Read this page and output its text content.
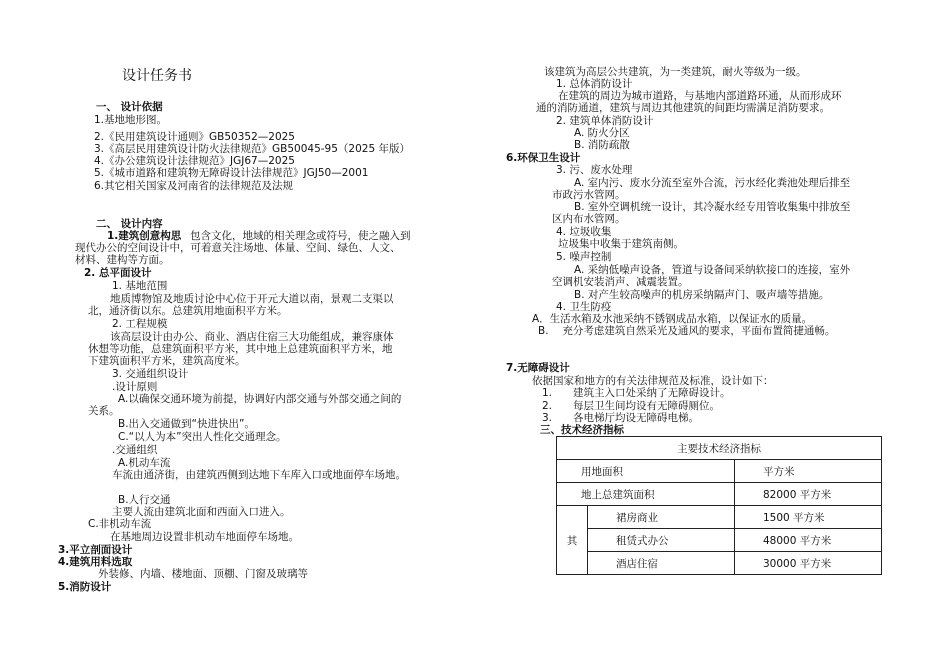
设计任务书
一、 设计依据
1.基地地形图。
2.《民用建筑设计通则》GB50352—2025
3.《高层民用建筑设计防火法律规范》GB50045-95（2025 年版）
4.《办公建筑设计法律规范》JGJ67—2025
5.《城市道路和建筑物无障碍设计法律规范》JGJ50—2001
6.其它相关国家及河南省的法律规范及法规
二、 设计内容
1.建筑创意构思 包含文化，地域的相关理念或符号，使之融入到
现代办公的空间设计中，可着意关注场地、体量、空间、绿色、人文、
材料、建构等方面。
2. 总平面设计
1. 基地范围
地质博物馆及地质讨论中心位于开元大道以南，景观二支渠以
北，通济街以东。总建筑用地面积平方米。
2. 工程规模
该高层设计由办公、商业、酒店住宿三大功能组成，兼容康体
休想等功能，总建筑面积平方米，其中地上总建筑面积平方米，地
下建筑面积平方米，建筑高度米。
3. 交通组织设计
.设计原则
A.以确保交通环境为前提，协调好内部交通与外部交通之间的
关系。
B.出入交通做到“快进快出”。
C.“以人为本”突出人性化交通理念。
.交通组织
A.机动车流
车流由通济街，由建筑西侧到达地下车库入口或地面停车场地。
B.人行交通
主要人流由建筑北面和西面入口进入。
C.非机动车流
在基地周边设置非机动车地面停车场地。
3.平立剖面设计
4.建筑用料选取
外装修、内墙、楼地面、顶棚、门窗及玻璃等
5.消防设计
该建筑为高层公共建筑，为一类建筑，耐火等级为一级。
1. 总体消防设计
在建筑的周边为城市道路，与基地内部道路环通，从而形成环
通的消防通道，建筑与周边其他建筑的间距均需满足消防要求。
2. 建筑单体消防设计
A. 防火分区
B. 消防疏散
6.环保卫生设计
3. 污、废水处理
A. 室内污、废水分流至室外合流，污水经化粪池处理后排至
市政污水管网。
B. 室外空调机统一设计，其冷凝水经专用管收集集中排放至
区内布水管网。
4. 垃圾收集
垃圾集中收集于建筑南侧。
5. 噪声控制
A. 采纳低噪声设备，管道与设备间采纳软接口的连接，室外
空调机安装消声、减震装置。
B. 对产生较高噪声的机房采纳隔声门、吸声墙等措施。
4. 卫生防疫
A．生活水箱及水池采纳不锈钢成品水箱，以保证水的质量。
B.　 充分考虑建筑自然采光及通风的要求，平面布置简捷通畅。
7.无障碍设计
依据国家和地方的有关法律规范及标准，设计如下：
1.　　建筑主入口处采纳了无障碍设计。
2.　　每层卫生间均设有无障碍厕位。
3.　　各电梯厅均设无障碍电梯。
三、技术经济指标
主要技术经济指标		
用地面积		平方米
地上总建筑面积		82000 平方米
其	裙房商业	1500 平方米
	租赁式办公	48000 平方米
	酒店住宿	30000 平方米
